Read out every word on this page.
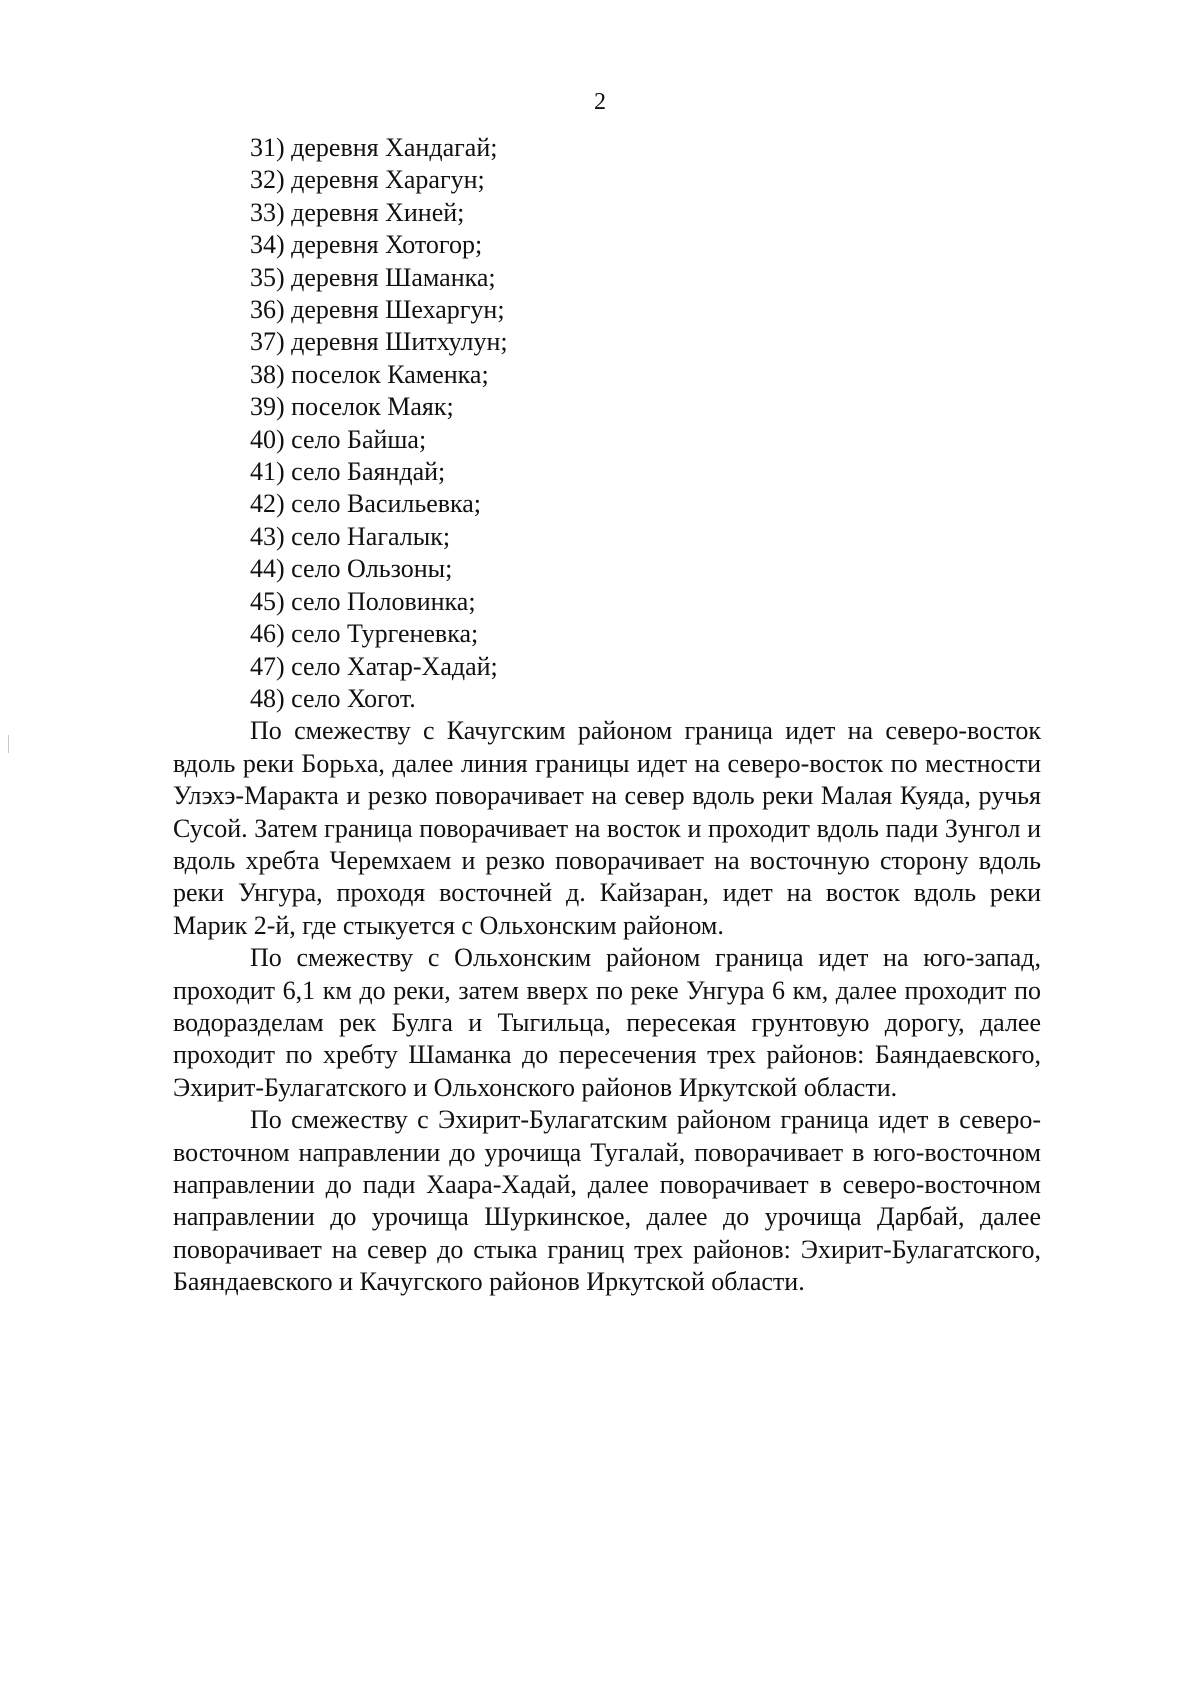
2
31) деревня Хандагай;
32) деревня Харагун;
33) деревня Хиней;
34) деревня Хотогор;
35) деревня Шаманка;
36) деревня Шехаргун;
37) деревня Шитхулун;
38) поселок Каменка;
39) поселок Маяк;
40) село Байша;
41) село Баяндай;
42) село Васильевка;
43) село Нагалык;
44) село Ользоны;
45) село Половинка;
46) село Тургеневка;
47) село Хатар-Хадай;
48) село Хогот.

По смежеству с Качугским районом граница идет на северо-восток вдоль реки Борьха, далее линия границы идет на северо-восток по местности Улэхэ-Маракта и резко поворачивает на север вдоль реки Малая Куяда, ручья Сусой. Затем граница поворачивает на восток и проходит вдоль пади Зунгол и вдоль хребта Черемхаем и резко поворачивает на восточную сторону вдоль реки Унгура, проходя восточней д. Кайзаран, идет на восток вдоль реки Марик 2-й, где стыкуется с Ольхонским районом.

По смежеству с Ольхонским районом граница идет на юго-запад, проходит 6,1 км до реки, затем вверх по реке Унгура 6 км, далее проходит по водоразделам рек Булга и Тыгильца, пересекая грунтовую дорогу, далее проходит по хребту Шаманка до пересечения трех районов: Баяндаевского, Эхирит-Булагатского и Ольхонского районов Иркутской области.

По смежеству с Эхирит-Булагатским районом граница идет в северо-восточном направлении до урочища Тугалай, поворачивает в юго-восточном направлении до пади Хаара-Хадай, далее поворачивает в северо-восточном направлении до урочища Шуркинское, далее до урочища Дарбай, далее поворачивает на север до стыка границ трех районов: Эхирит-Булагатского, Баяндаевского и Качугского районов Иркутской области.
